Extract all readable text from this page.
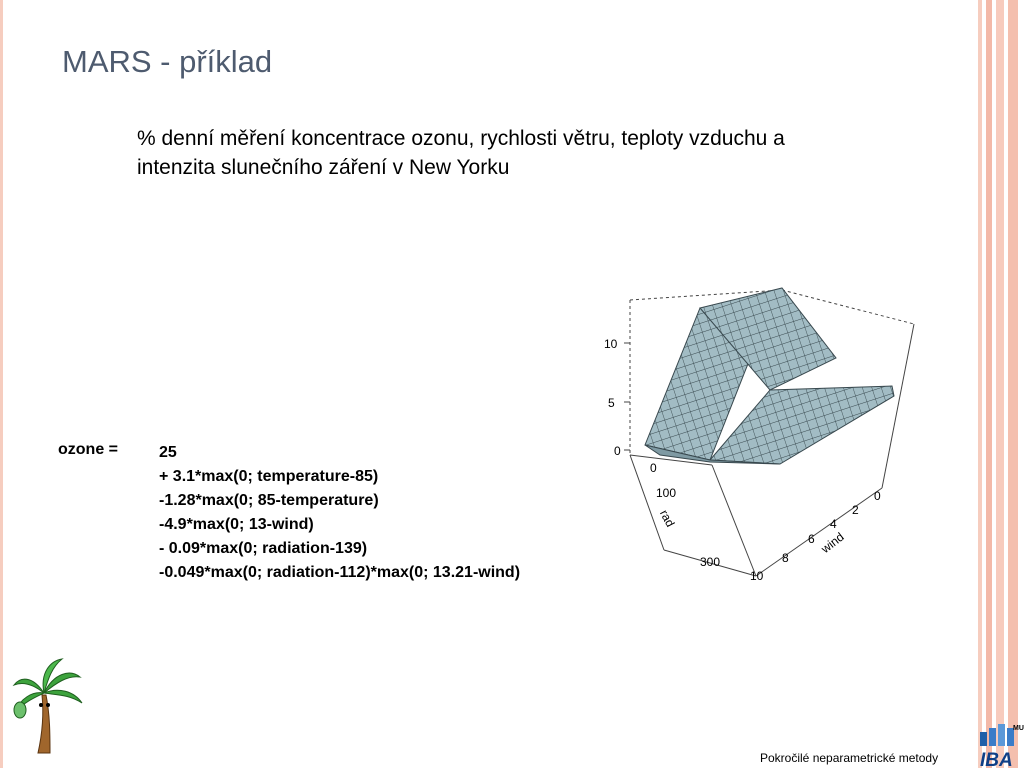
MARS - příklad
% denní měření koncentrace ozonu, rychlosti větru, teploty vzduchu a intenzita slunečního záření v New Yorku
ozone =	25
+ 3.1*max(0; temperature-85)
-1.28*max(0; 85-temperature)
-4.9*max(0; 13-wind)
- 0.09*max(0; radiation-139)
-0.049*max(0; radiation-112)*max(0; 13.21-wind)
10
5
0
0
100
rad
300
0
2
4
wind
6
8
10
Pokročilé neparametrické metody
MU
IBA
